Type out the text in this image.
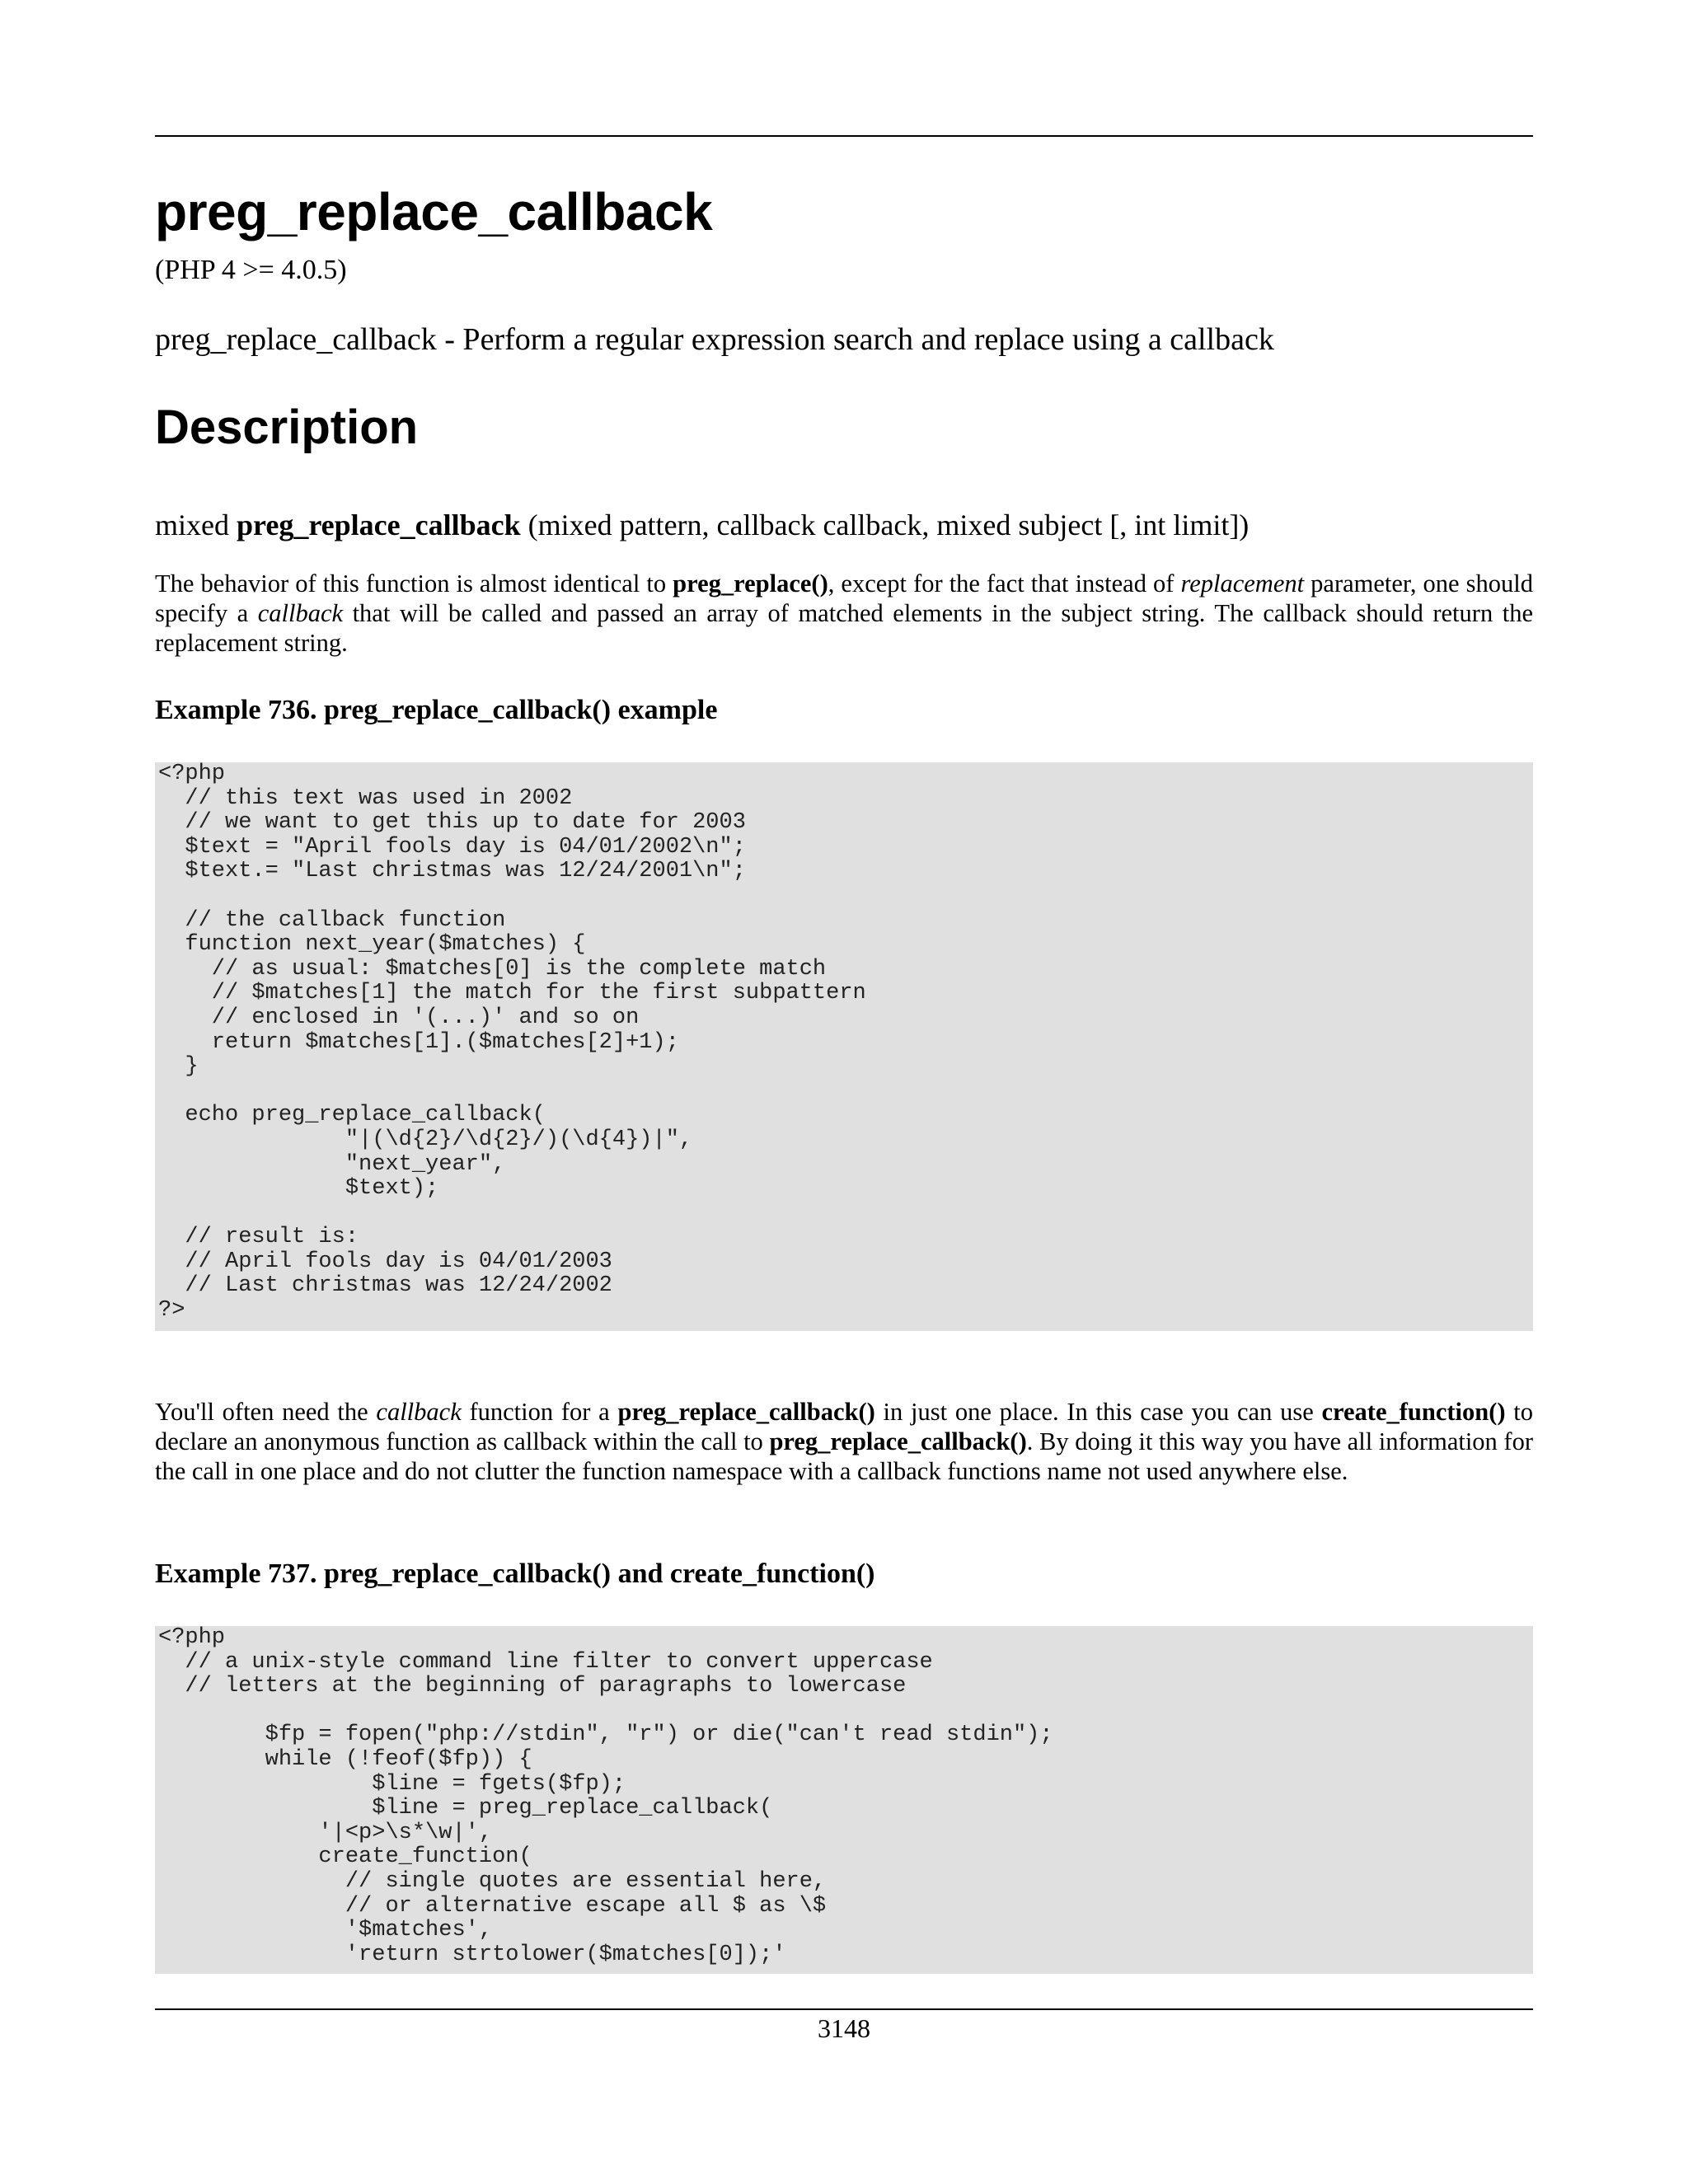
preg_replace_callback
(PHP 4 >= 4.0.5)
preg_replace_callback - Perform a regular expression search and replace using a callback
Description
mixed preg_replace_callback (mixed pattern, callback callback, mixed subject [, int limit])
The behavior of this function is almost identical to preg_replace(), except for the fact that instead of replacement parameter, one should specify a callback that will be called and passed an array of matched elements in the subject string. The callback should return the replacement string.
Example 736. preg_replace_callback() example
<?php
// this text was used in 2002
// we want to get this up to date for 2003
$text = "April fools day is 04/01/2002\n";
$text.= "Last christmas was 12/24/2001\n";

// the callback function
function next_year($matches) {
// as usual: $matches[0] is the complete match
// $matches[1] the match for the first subpattern
// enclosed in '(...)' and so on
return $matches[1].($matches[2]+1);
}

echo preg_replace_callback(
"|(\d{2}/\d{2}/)(\d{4})|",
"next_year",
$text);

// result is:
// April fools day is 04/01/2003
// Last christmas was 12/24/2002
?>
You'll often need the callback function for a preg_replace_callback() in just one place. In this case you can use create_function() to declare an anonymous function as callback within the call to preg_replace_callback(). By doing it this way you have all information for the call in one place and do not clutter the function namespace with a callback functions name not used anywhere else.
Example 737. preg_replace_callback() and create_function()
<?php
// a unix-style command line filter to convert uppercase
// letters at the beginning of paragraphs to lowercase

$fp = fopen("php://stdin", "r") or die("can't read stdin");
while (!feof($fp)) {
$line = fgets($fp);
$line = preg_replace_callback(
'|<p>\s*\w|',
create_function(
// single quotes are essential here,
// or alternative escape all $ as \$
'$matches',
'return strtolower($matches[0]);'
3148
